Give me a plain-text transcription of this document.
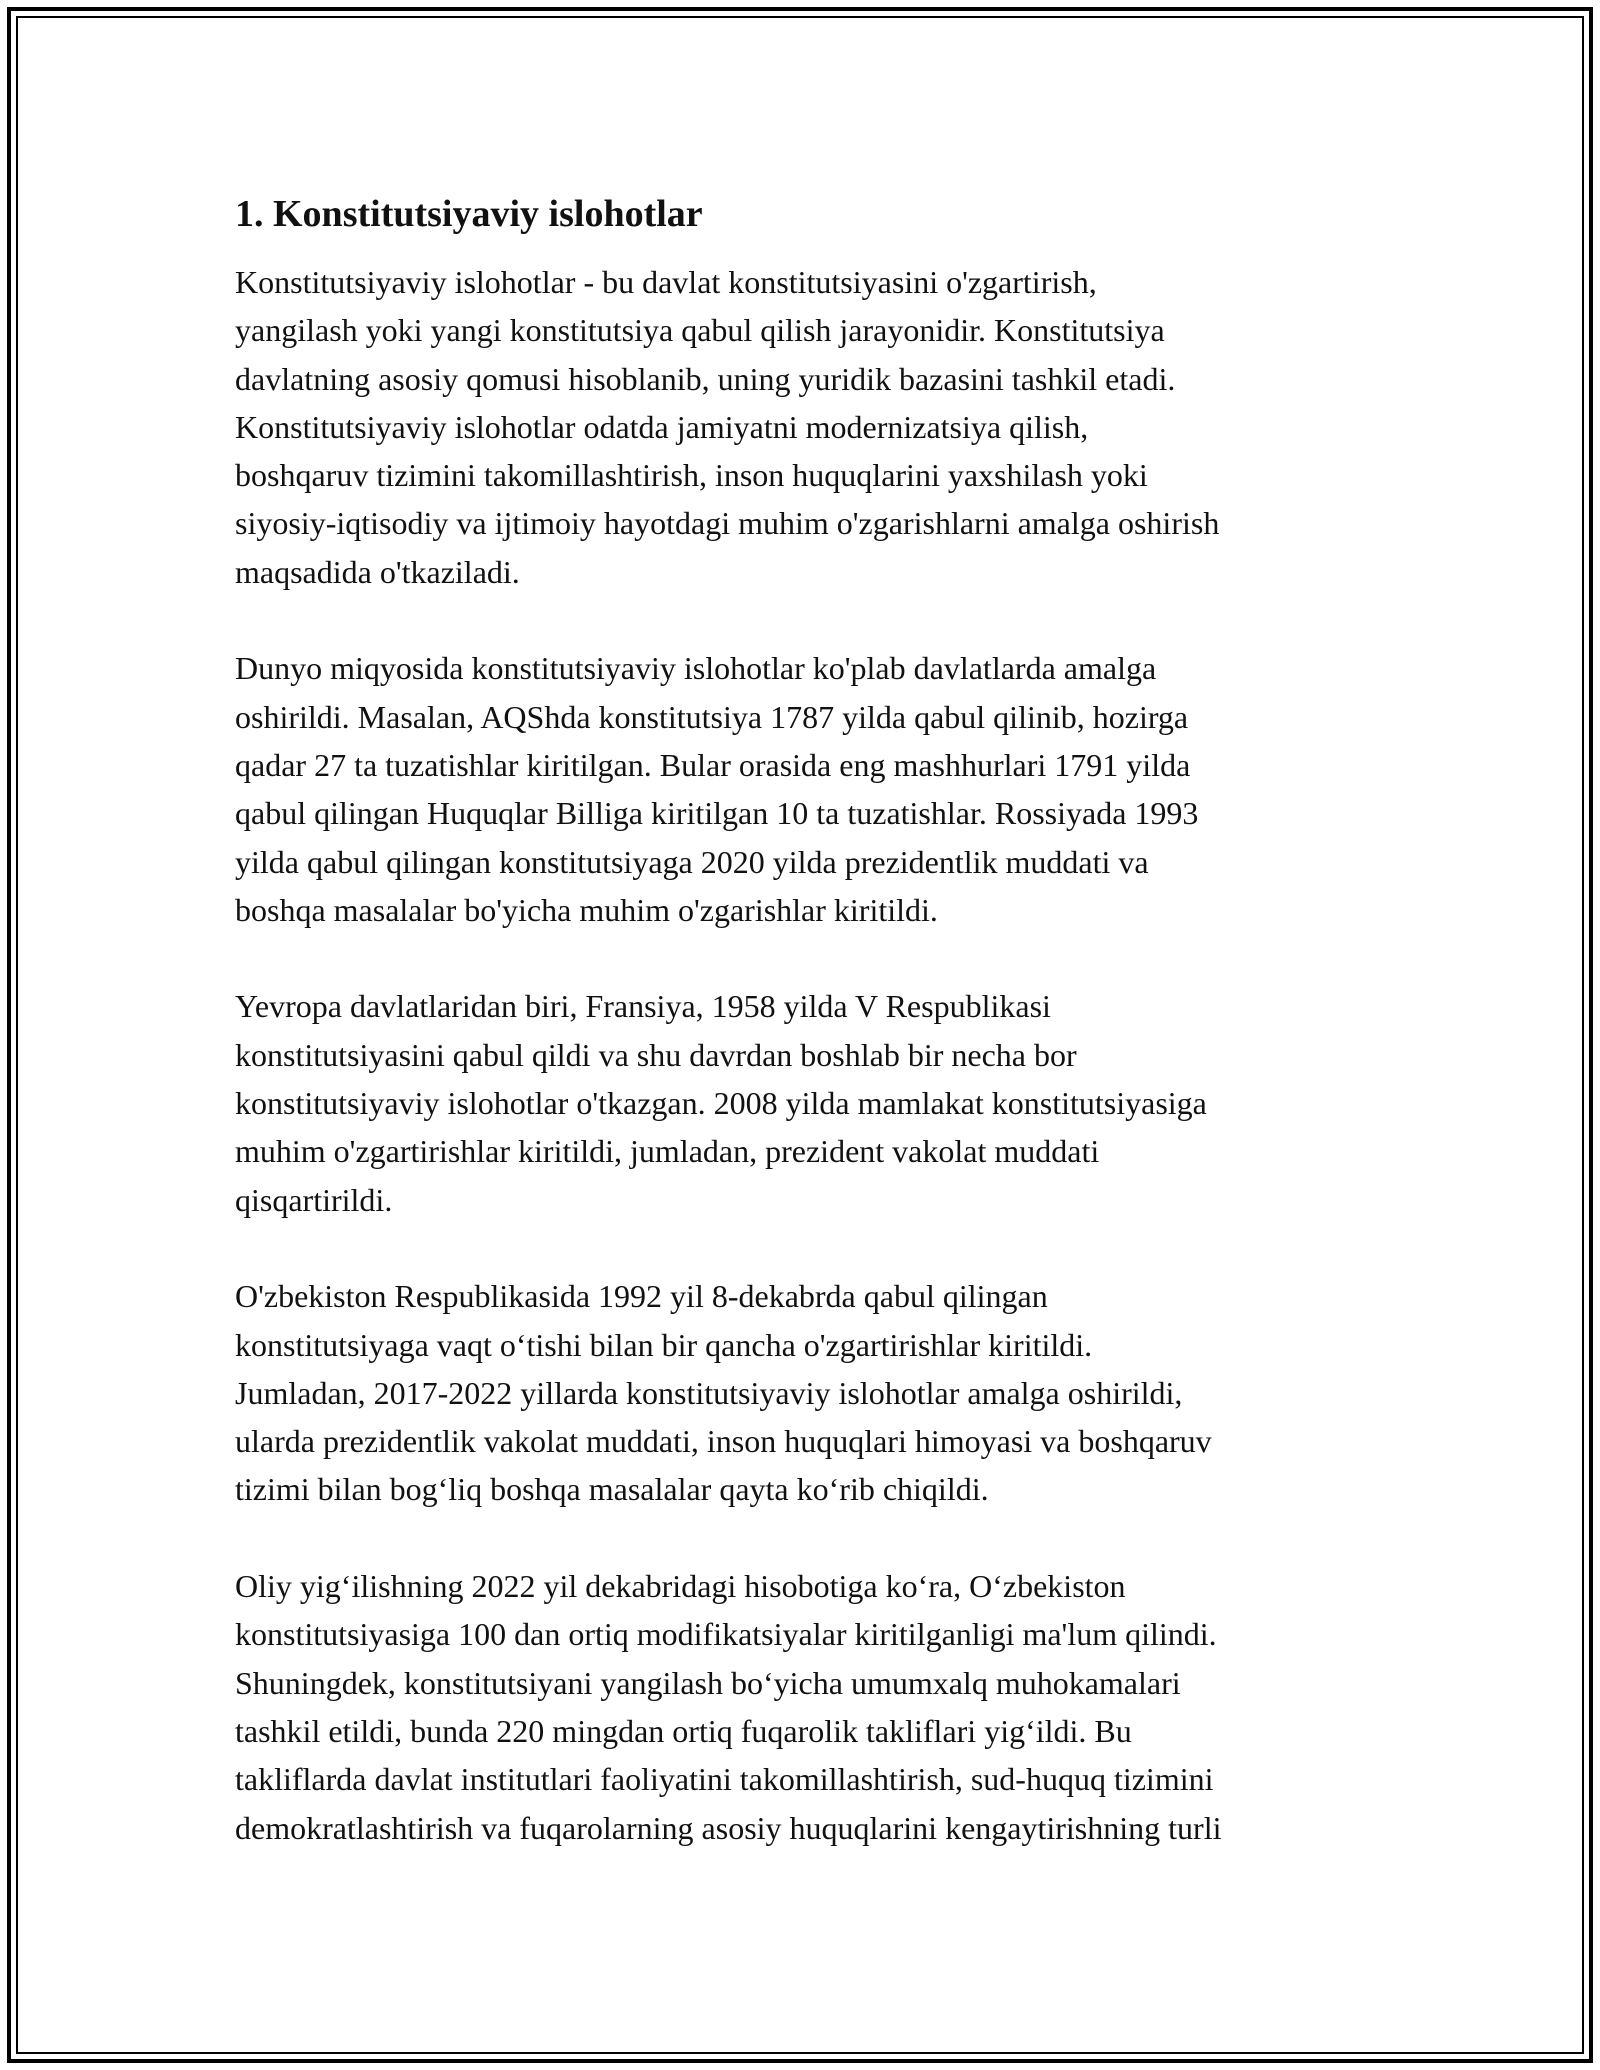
1. Konstitutsiyaviy islohotlar

Konstitutsiyaviy islohotlar - bu davlat konstitutsiyasini o'zgartirish,
yangilash yoki yangi konstitutsiya qabul qilish jarayonidir. Konstitutsiya
davlatning asosiy qomusi hisoblanib, uning yuridik bazasini tashkil etadi.
Konstitutsiyaviy islohotlar odatda jamiyatni modernizatsiya qilish,
boshqaruv tizimini takomillashtirish, inson huquqlarini yaxshilash yoki
siyosiy-iqtisodiy va ijtimoiy hayotdagi muhim o'zgarishlarni amalga oshirish
maqsadida o'tkaziladi.

Dunyo miqyosida konstitutsiyaviy islohotlar ko'plab davlatlarda amalga
oshirildi. Masalan, AQShda konstitutsiya 1787 yilda qabul qilinib, hozirga
qadar 27 ta tuzatishlar kiritilgan. Bular orasida eng mashhurlari 1791 yilda
qabul qilingan Huquqlar Billiga kiritilgan 10 ta tuzatishlar. Rossiyada 1993
yilda qabul qilingan konstitutsiyaga 2020 yilda prezidentlik muddati va
boshqa masalalar bo'yicha muhim o'zgarishlar kiritildi.

Yevropa davlatlaridan biri, Fransiya, 1958 yilda V Respublikasi
konstitutsiyasini qabul qildi va shu davrdan boshlab bir necha bor
konstitutsiyaviy islohotlar o'tkazgan. 2008 yilda mamlakat konstitutsiyasiga
muhim o'zgartirishlar kiritildi, jumladan, prezident vakolat muddati
qisqartirildi.

O'zbekiston Respublikasida 1992 yil 8-dekabrda qabul qilingan
konstitutsiyaga vaqt o‘tishi bilan bir qancha o'zgartirishlar kiritildi.
Jumladan, 2017-2022 yillarda konstitutsiyaviy islohotlar amalga oshirildi,
ularda prezidentlik vakolat muddati, inson huquqlari himoyasi va boshqaruv
tizimi bilan bog‘liq boshqa masalalar qayta ko‘rib chiqildi.

Oliy yig‘ilishning 2022 yil dekabridagi hisobotiga ko‘ra, O‘zbekiston
konstitutsiyasiga 100 dan ortiq modifikatsiyalar kiritilganligi ma'lum qilindi.
Shuningdek, konstitutsiyani yangilash bo‘yicha umumxalq muhokamalari
tashkil etildi, bunda 220 mingdan ortiq fuqarolik takliflari yig‘ildi. Bu
takliflarda davlat institutlari faoliyatini takomillashtirish, sud-huquq tizimini
demokratlashtirish va fuqarolarning asosiy huquqlarini kengaytirishning turli
